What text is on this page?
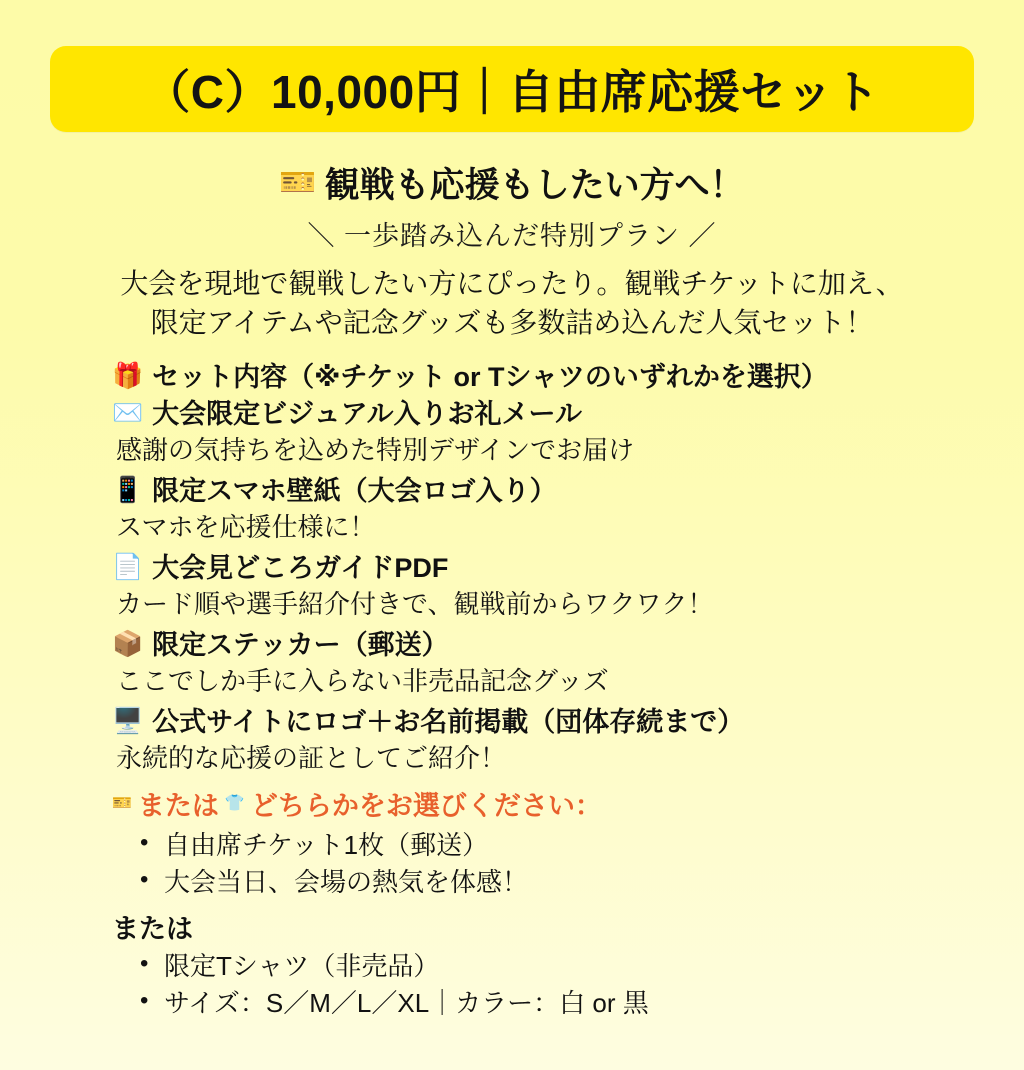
（C）10,000円｜自由席応援セット
🎫 観戦も応援もしたい方へ！
＼ 一歩踏み込んだ特別プラン ／
大会を現地で観戦したい方にぴったり。観戦チケットに加え、
限定アイテムや記念グッズも多数詰め込んだ人気セット！
🎁 セット内容（※チケット or Tシャツのいずれかを選択）
✉️ 大会限定ビジュアル入りお礼メール
感謝の気持ちを込めた特別デザインでお届け
📱 限定スマホ壁紙（大会ロゴ入り）
スマホを応援仕様に！
📄 大会見どころガイドPDF
カード順や選手紹介付きで、観戦前からワクワク！
📦 限定ステッカー（郵送）
ここでしか手に入らない非売品記念グッズ
🖥️ 公式サイトにロゴ＋お名前掲載（団体存続まで）
永続的な応援の証としてご紹介！
🎫 または 👕 どちらかをお選びください：
• 自由席チケット1枚（郵送）
• 大会当日、会場の熱気を体感！
または
• 限定Tシャツ（非売品）
• サイズ：S／M／L／XL｜カラー：白 or 黒
